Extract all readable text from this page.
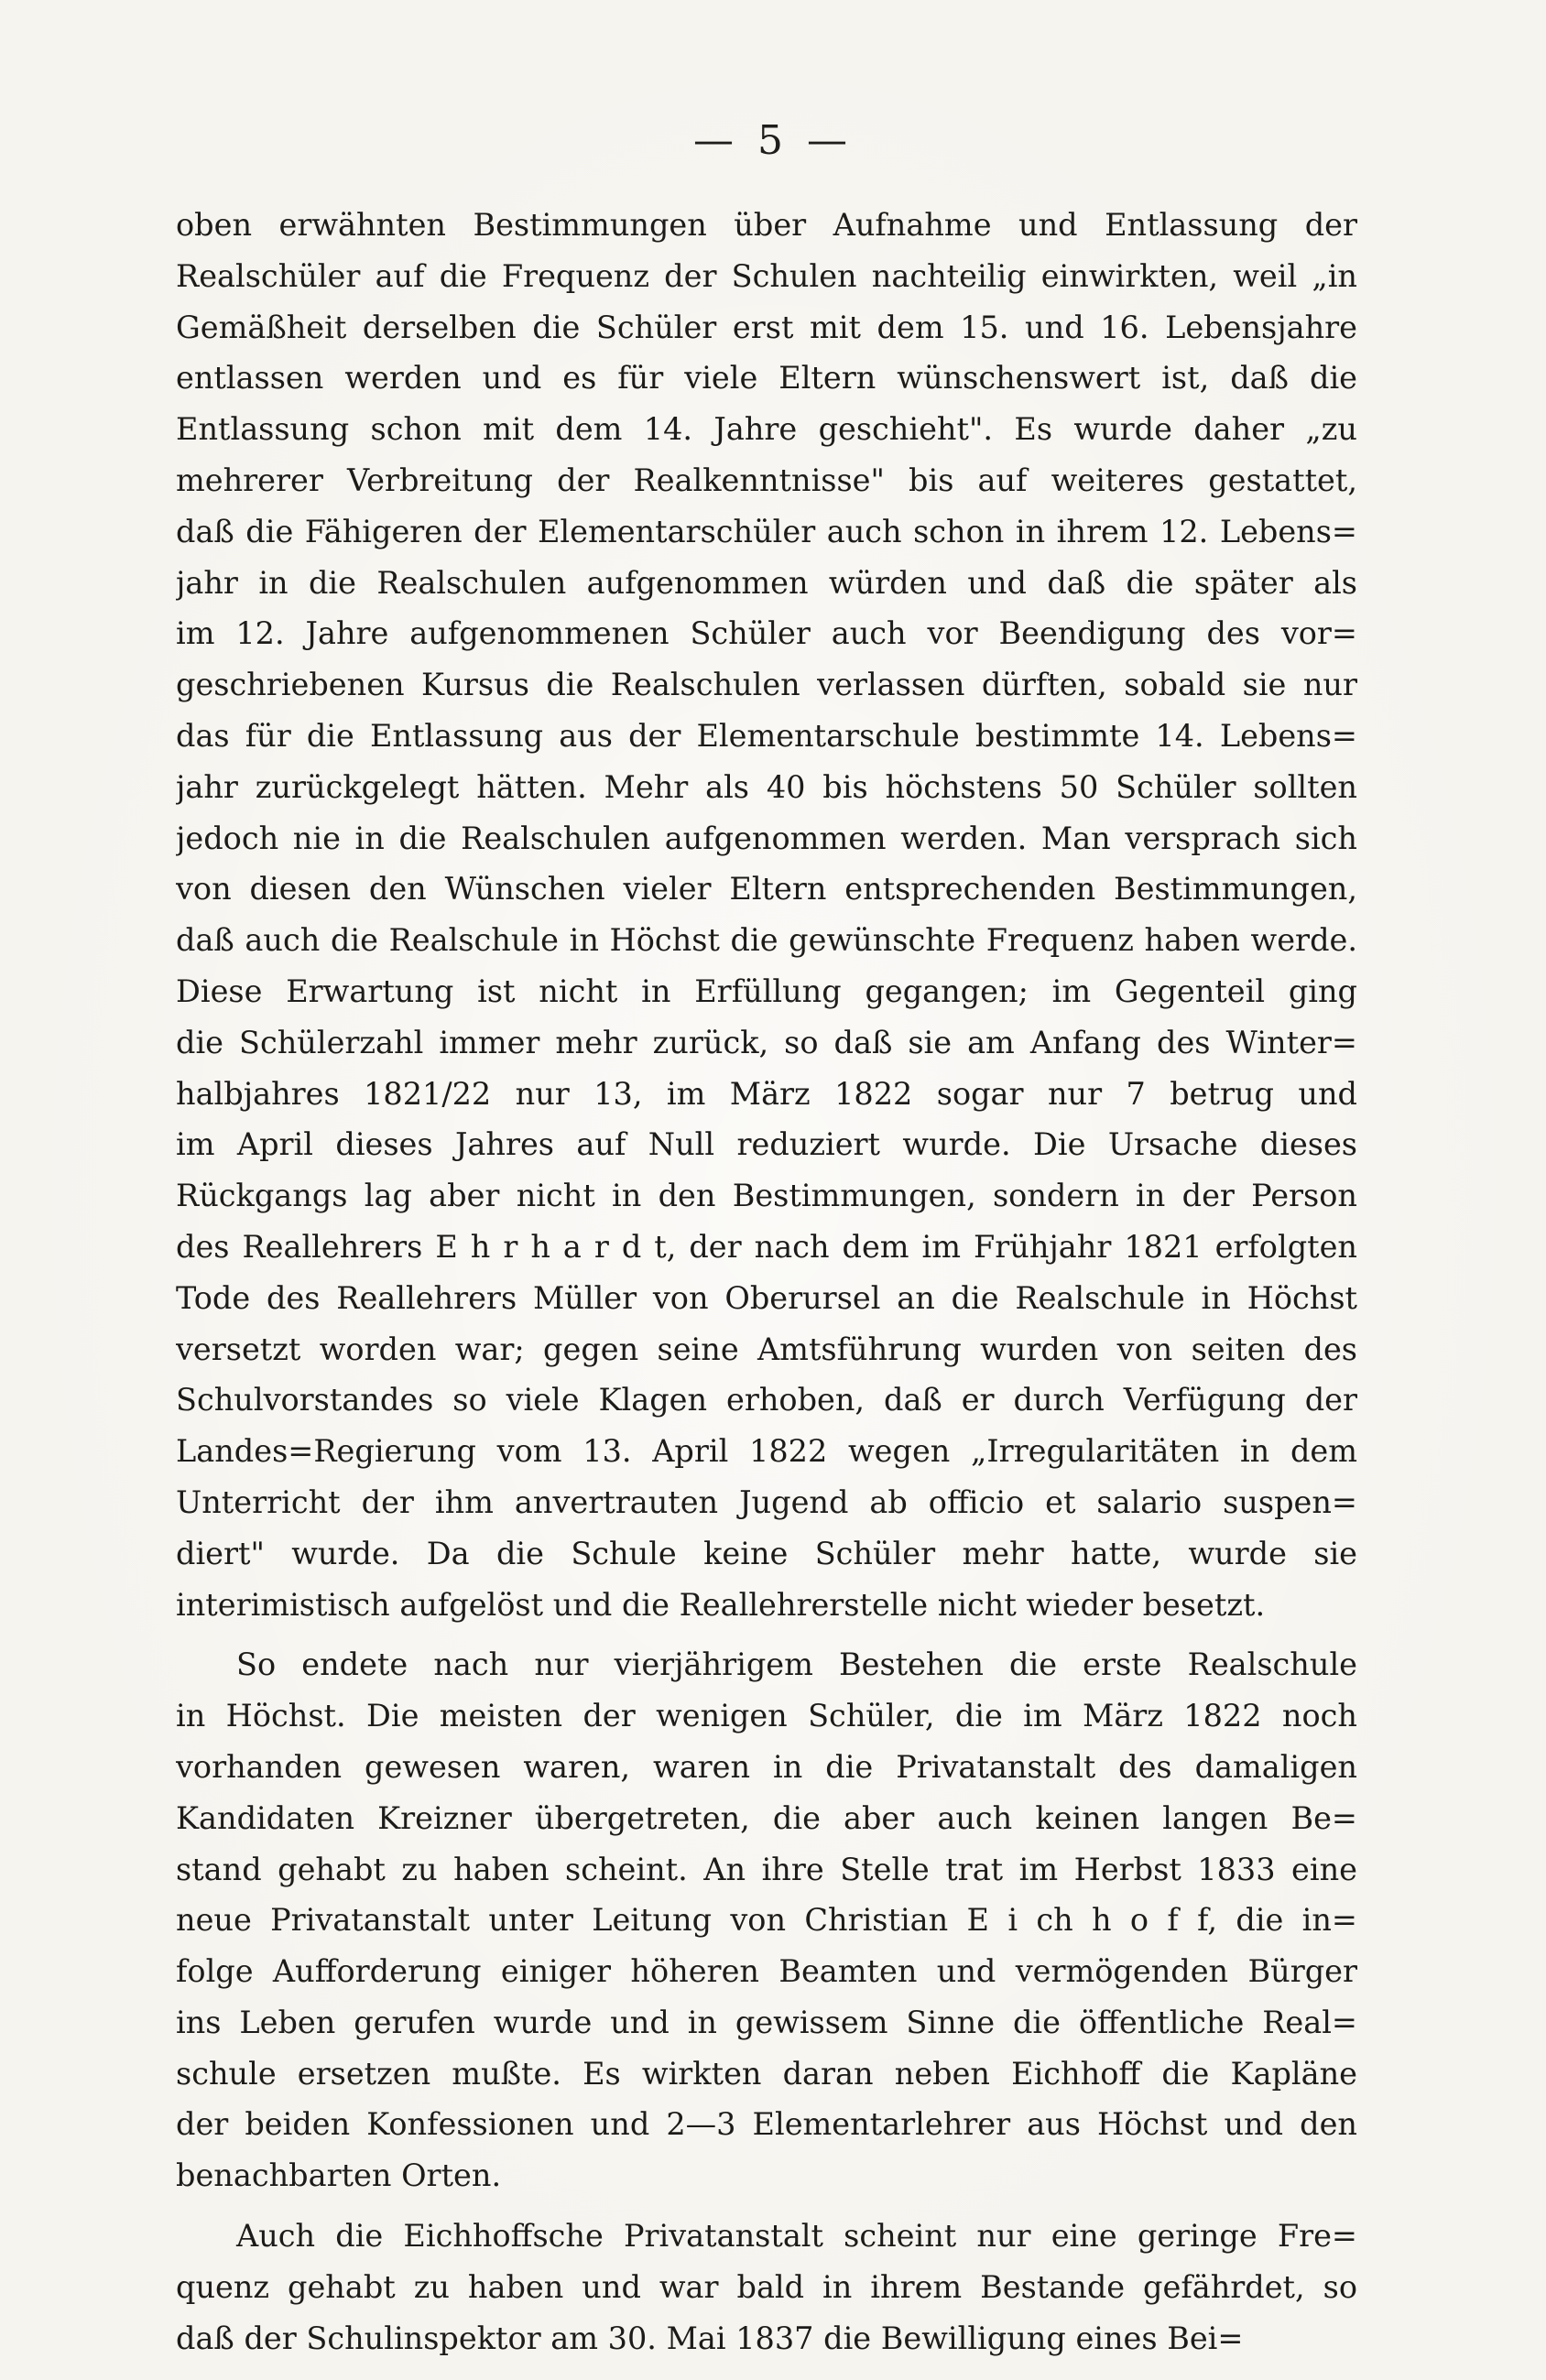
— 5 —

oben erwähnten Bestimmungen über Aufnahme und Entlassung der
Realschüler auf die Frequenz der Schulen nachteilig einwirkten, weil „in
Gemäßheit derselben die Schüler erst mit dem 15. und 16. Lebensjahre
entlassen werden und es für viele Eltern wünschenswert ist, daß die
Entlassung schon mit dem 14. Jahre geschieht". Es wurde daher „zu
mehrerer Verbreitung der Realkenntnisse" bis auf weiteres gestattet,
daß die Fähigeren der Elementarschüler auch schon in ihrem 12. Lebens=
jahr in die Realschulen aufgenommen würden und daß die später als
im 12. Jahre aufgenommenen Schüler auch vor Beendigung des vor=
geschriebenen Kursus die Realschulen verlassen dürften, sobald sie nur
das für die Entlassung aus der Elementarschule bestimmte 14. Lebens=
jahr zurückgelegt hätten. Mehr als 40 bis höchstens 50 Schüler sollten
jedoch nie in die Realschulen aufgenommen werden. Man versprach sich
von diesen den Wünschen vieler Eltern entsprechenden Bestimmungen,
daß auch die Realschule in Höchst die gewünschte Frequenz haben werde.
Diese Erwartung ist nicht in Erfüllung gegangen; im Gegenteil ging
die Schülerzahl immer mehr zurück, so daß sie am Anfang des Winter=
halbjahres 1821/22 nur 13, im März 1822 sogar nur 7 betrug und
im April dieses Jahres auf Null reduziert wurde. Die Ursache dieses
Rückgangs lag aber nicht in den Bestimmungen, sondern in der Person
des Reallehrers E h r h a r d t, der nach dem im Frühjahr 1821 erfolgten
Tode des Reallehrers Müller von Oberursel an die Realschule in Höchst
versetzt worden war; gegen seine Amtsführung wurden von seiten des
Schulvorstandes so viele Klagen erhoben, daß er durch Verfügung der
Landes=Regierung vom 13. April 1822 wegen „Irregularitäten in dem
Unterricht der ihm anvertrauten Jugend ab officio et salario suspen=
diert" wurde. Da die Schule keine Schüler mehr hatte, wurde sie
interimistisch aufgelöst und die Reallehrerstelle nicht wieder besetzt.

So endete nach nur vierjährigem Bestehen die erste Realschule
in Höchst. Die meisten der wenigen Schüler, die im März 1822 noch
vorhanden gewesen waren, waren in die Privatanstalt des damaligen
Kandidaten Kreizner übergetreten, die aber auch keinen langen Be=
stand gehabt zu haben scheint. An ihre Stelle trat im Herbst 1833 eine
neue Privatanstalt unter Leitung von Christian E i ch h o f f, die in=
folge Aufforderung einiger höheren Beamten und vermögenden Bürger
ins Leben gerufen wurde und in gewissem Sinne die öffentliche Real=
schule ersetzen mußte. Es wirkten daran neben Eichhoff die Kapläne
der beiden Konfessionen und 2—3 Elementarlehrer aus Höchst und den
benachbarten Orten.

Auch die Eichhoffsche Privatanstalt scheint nur eine geringe Fre=
quenz gehabt zu haben und war bald in ihrem Bestande gefährdet, so
daß der Schulinspektor am 30. Mai 1837 die Bewilligung eines Bei=
